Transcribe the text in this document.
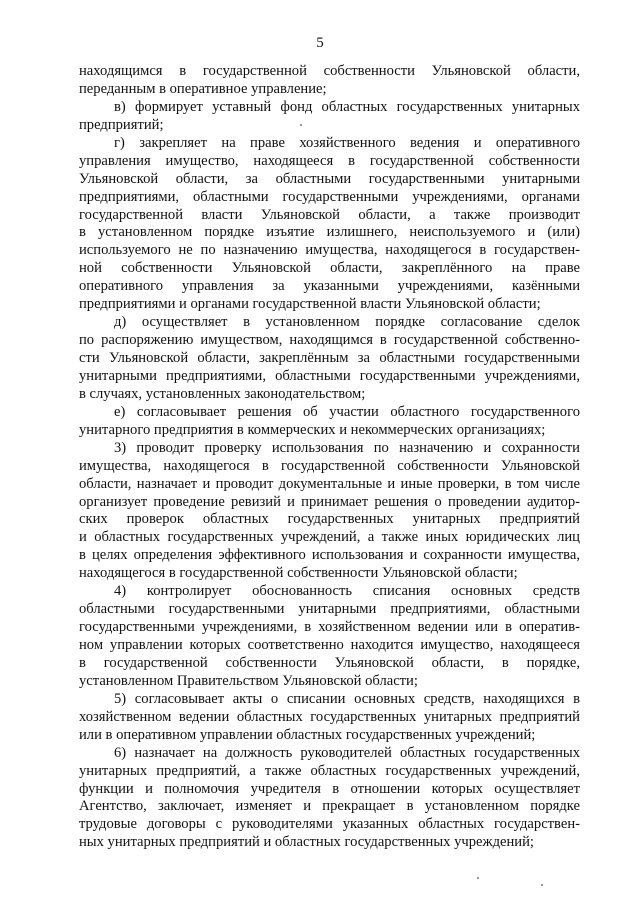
5
находящимся в государственной собственности Ульяновской области,
переданным в оперативное управление;
в) формирует уставный фонд областных государственных унитарных
предприятий;
г) закрепляет на праве хозяйственного ведения и оперативного
управления имущество, находящееся в государственной собственности
Ульяновской области, за областными государственными унитарными
предприятиями, областными государственными учреждениями, органами
государственной власти Ульяновской области, а также производит
в установленном порядке изъятие излишнего, неиспользуемого и (или)
используемого не по назначению имущества, находящегося в государствен-
ной собственности Ульяновской области, закреплённого на праве
оперативного управления за указанными учреждениями, казёнными
предприятиями и органами государственной власти Ульяновской области;
д) осуществляет в установленном порядке согласование сделок
по распоряжению имуществом, находящимся в государственной собственно-
сти Ульяновской области, закреплённым за областными государственными
унитарными предприятиями, областными государственными учреждениями,
в случаях, установленных законодательством;
е) согласовывает решения об участии областного государственного
унитарного предприятия в коммерческих и некоммерческих организациях;
3) проводит проверку использования по назначению и сохранности
имущества, находящегося в государственной собственности Ульяновской
области, назначает и проводит документальные и иные проверки, в том числе
организует проведение ревизий и принимает решения о проведении аудитор-
ских проверок областных государственных унитарных предприятий
и областных государственных учреждений, а также иных юридических лиц
в целях определения эффективного использования и сохранности имущества,
находящегося в государственной собственности Ульяновской области;
4) контролирует обоснованность списания основных средств
областными государственными унитарными предприятиями, областными
государственными учреждениями, в хозяйственном ведении или в оператив-
ном управлении которых соответственно находится имущество, находящееся
в государственной собственности Ульяновской области, в порядке,
установленном Правительством Ульяновской области;
5) согласовывает акты о списании основных средств, находящихся в
хозяйственном ведении областных государственных унитарных предприятий
или в оперативном управлении областных государственных учреждений;
6) назначает на должность руководителей областных государственных
унитарных предприятий, а также областных государственных учреждений,
функции и полномочия учредителя в отношении которых осуществляет
Агентство, заключает, изменяет и прекращает в установленном порядке
трудовые договоры с руководителями указанных областных государствен-
ных унитарных предприятий и областных государственных учреждений;
